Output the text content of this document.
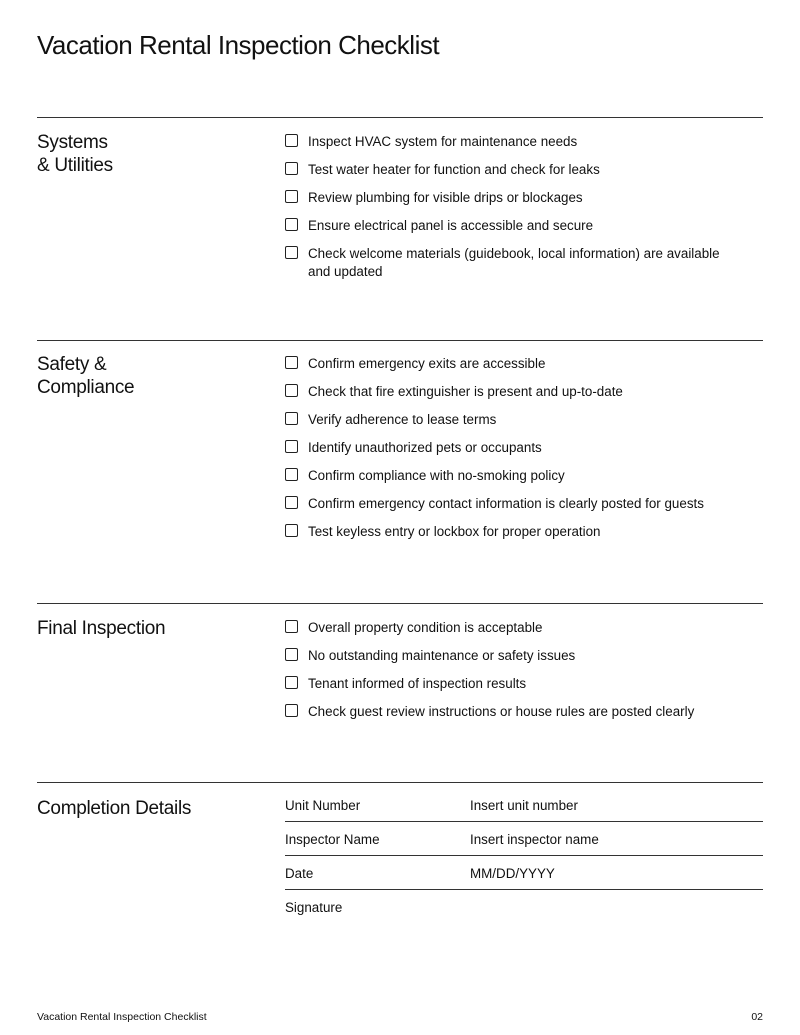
Vacation Rental Inspection Checklist
Systems
& Utilities
Inspect HVAC system for maintenance needs
Test water heater for function and check for leaks
Review plumbing for visible drips or blockages
Ensure electrical panel is accessible and secure
Check welcome materials (guidebook, local information) are available and updated
Safety &
Compliance
Confirm emergency exits are accessible
Check that fire extinguisher is present and up-to-date
Verify adherence to lease terms
Identify unauthorized pets or occupants
Confirm compliance with no-smoking policy
Confirm emergency contact information is clearly posted for guests
Test keyless entry or lockbox for proper operation
Final Inspection	Overall property condition is acceptable
No outstanding maintenance or safety issues
Tenant informed of inspection results
Check guest review instructions or house rules are posted clearly
Completion Details	Unit Number	Insert unit number
Inspector Name	Insert inspector name
Date	MM/DD/YYYY
Signature
Vacation Rental Inspection Checklist	02
